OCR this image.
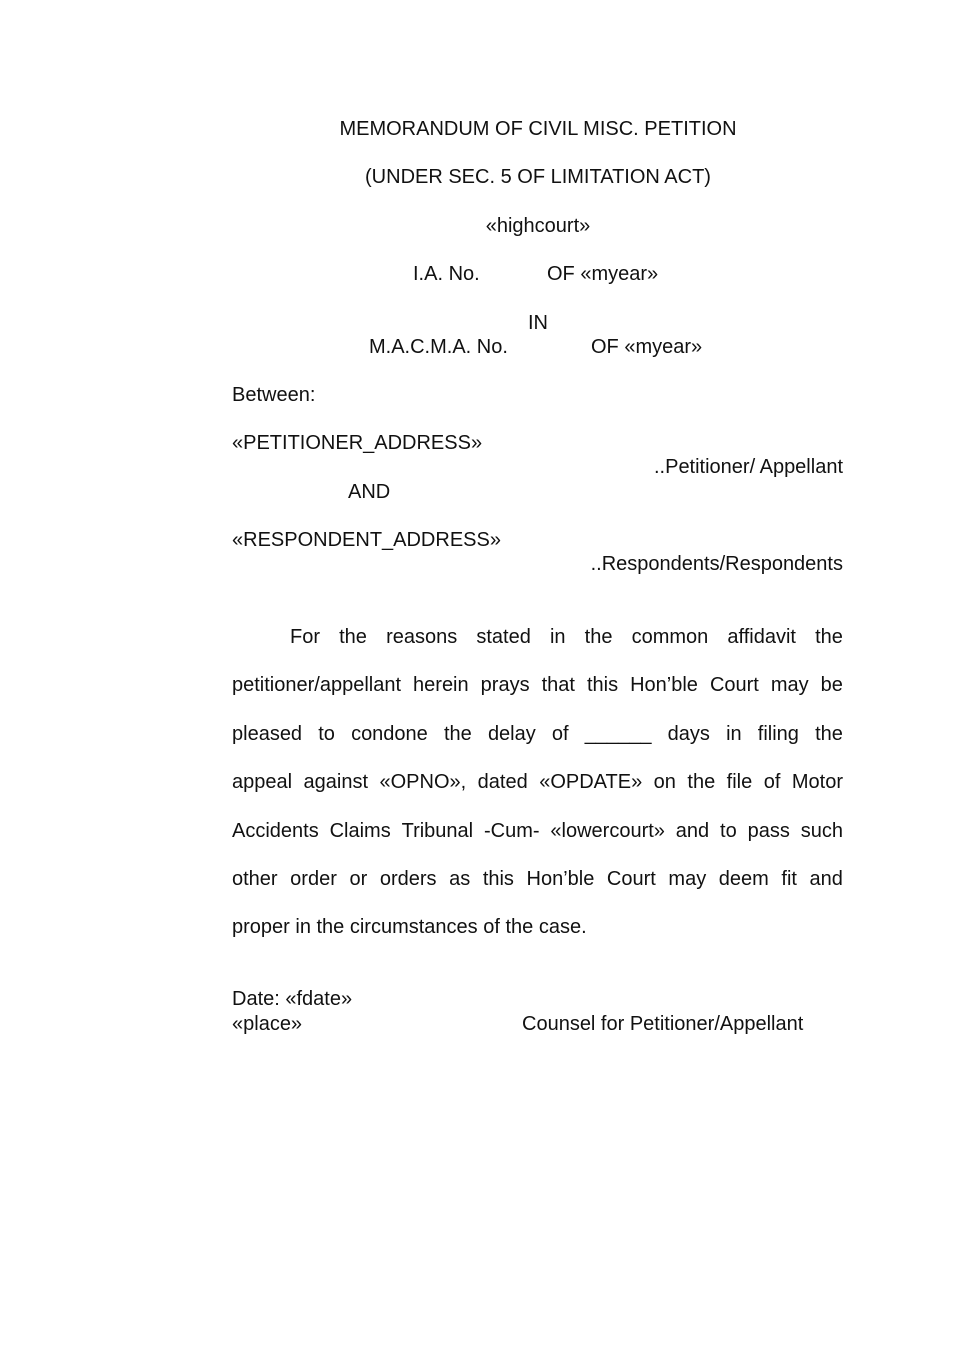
MEMORANDUM OF CIVIL MISC. PETITION
(UNDER SEC. 5 OF LIMITATION ACT)
«highcourt»
I.A. No.	OF «myear»
IN
M.A.C.M.A. No.	OF «myear»
Between:
«PETITIONER_ADDRESS»
..Petitioner/ Appellant
AND
«RESPONDENT_ADDRESS»
..Respondents/Respondents
For the reasons stated in the common affidavit the
petitioner/appellant herein prays that this Hon’ble Court may be
pleased to condone the delay of ______ days in filing the
appeal against «OPNO», dated «OPDATE» on the file of Motor
Accidents Claims Tribunal -Cum- «lowercourt» and to pass such
other order or orders as this Hon’ble Court may deem fit and
proper in the circumstances of the case.
Date: «fdate»
«place»	Counsel for Petitioner/Appellant
